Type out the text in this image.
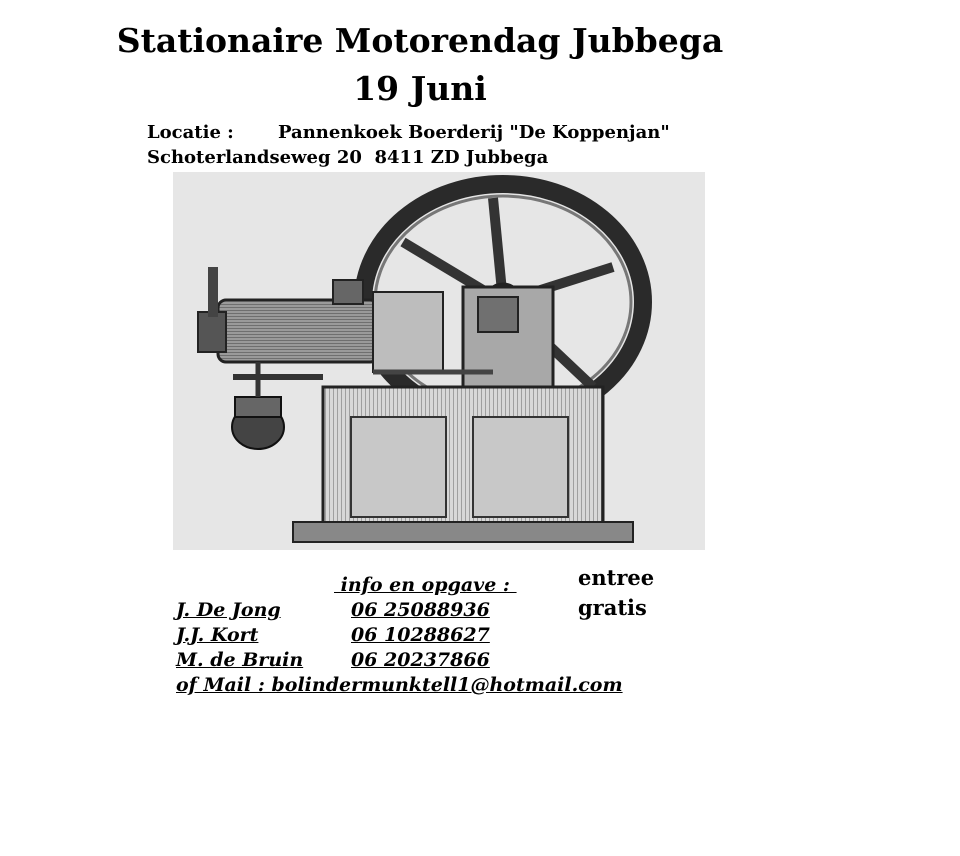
Stationaire Motorendag Jubbega
19 Juni
Locatie : Pannenkoek Boerderij "De Koppenjan"
Schoterlandseweg 20  8411 ZD Jubbega
info en opgave :	entree
gratis
J. De Jong	06 25088936
J.J. Kort	06 10288627
M. de Bruin	06 20237866
of Mail : bolindermunktell1@hotmail.com
